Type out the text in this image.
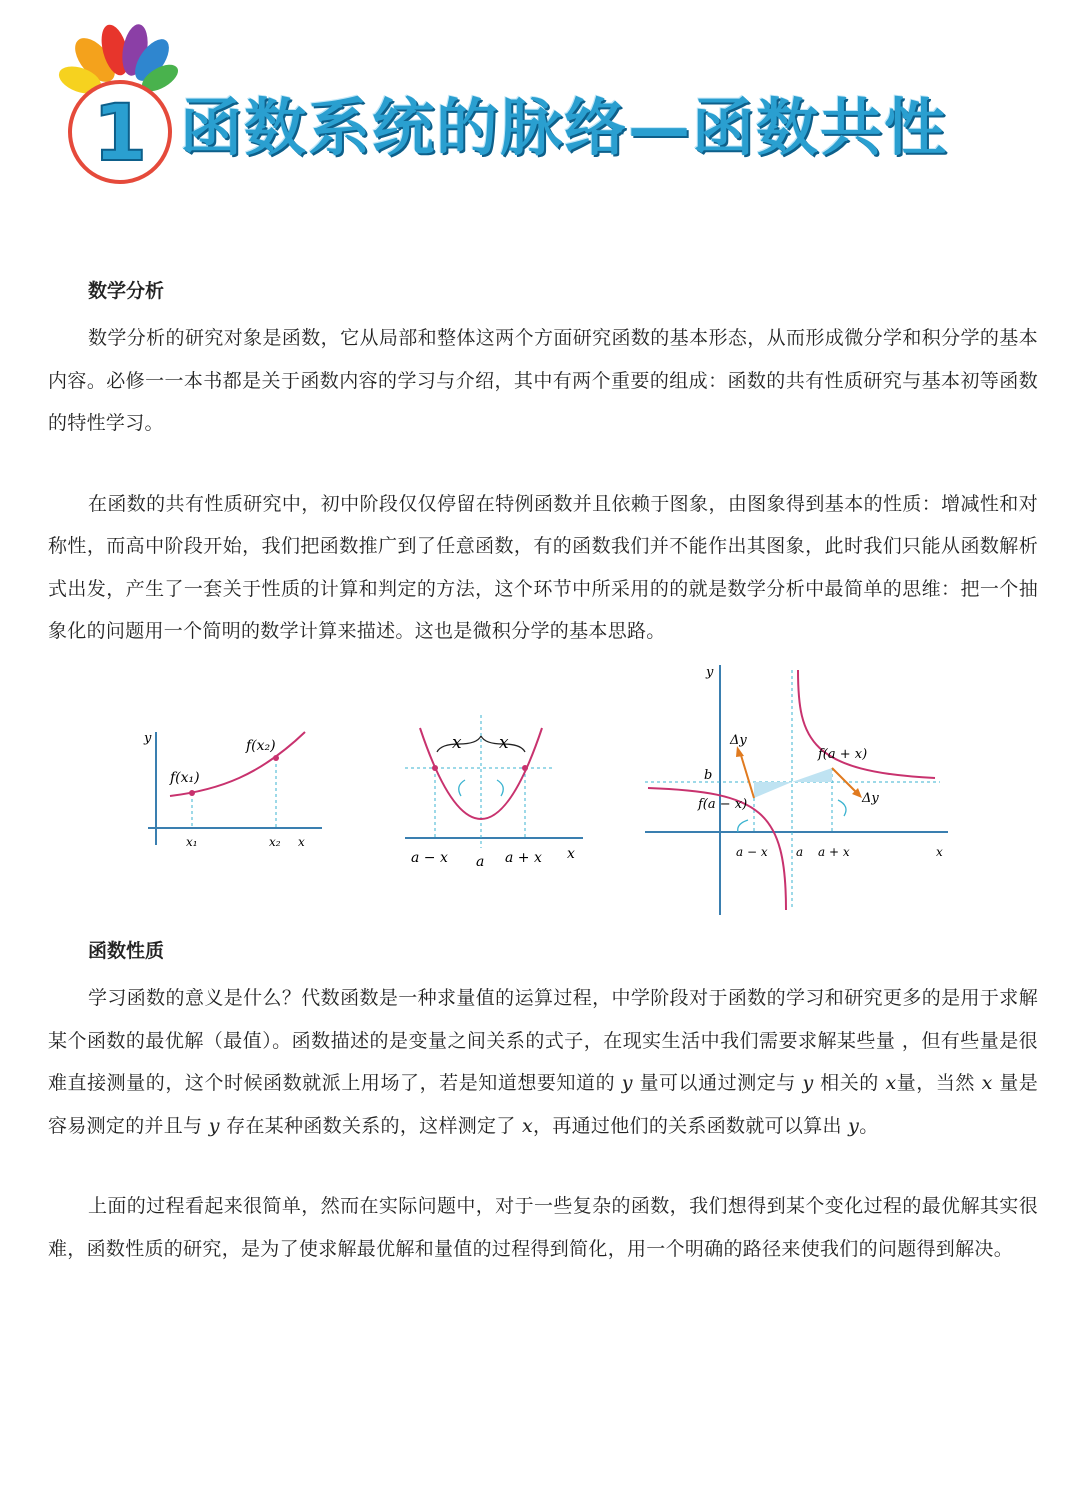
1 函数系统的脉络—函数共性
数学分析

数学分析的研究对象是函数，它从局部和整体这两个方面研究函数的基本形态，从而形成微分学和积分学的基本内容。必修一一本书都是关于函数内容的学习与介绍，其中有两个重要的组成：函数的共有性质研究与基本初等函数的特性学习。

在函数的共有性质研究中，初中阶段仅仅停留在特例函数并且依赖于图象，由图象得到基本的性质：增减性和对称性，而高中阶段开始，我们把函数推广到了任意函数，有的函数我们并不能作出其图象，此时我们只能从函数解析式出发，产生了一套关于性质的计算和判定的方法，这个环节中所采用的的就是数学分析中最简单的思维：把一个抽象化的问题用一个简明的数学计算来描述。这也是微积分学的基本思路。

y
x
f(x₁)
f(x₂)
x₁	x₂
x x
a − x a a + x x
y
b
Δy
Δy
f(a + x)
f(a − x)
a − x a a + x	x
函数性质

学习函数的意义是什么？代数函数是一种求量值的运算过程，中学阶段对于函数的学习和研究更多的是用于求解某个函数的最优解（最值）。函数描述的是变量之间关系的式子，在现实生活中我们需要求解某些量 ，但有些量是很难直接测量的，这个时候函数就派上用场了，若是知道想要知道的 y 量可以通过测定与 y 相关的 x量，当然 x 量是容易测定的并且与 y 存在某种函数关系的，这样测定了 x，再通过他们的关系函数就可以算出 y。

上面的过程看起来很简单，然而在实际问题中，对于一些复杂的函数，我们想得到某个变化过程的最优解其实很难，函数性质的研究，是为了使求解最优解和量值的过程得到简化，用一个明确的路径来使我们的问题得到解决。
